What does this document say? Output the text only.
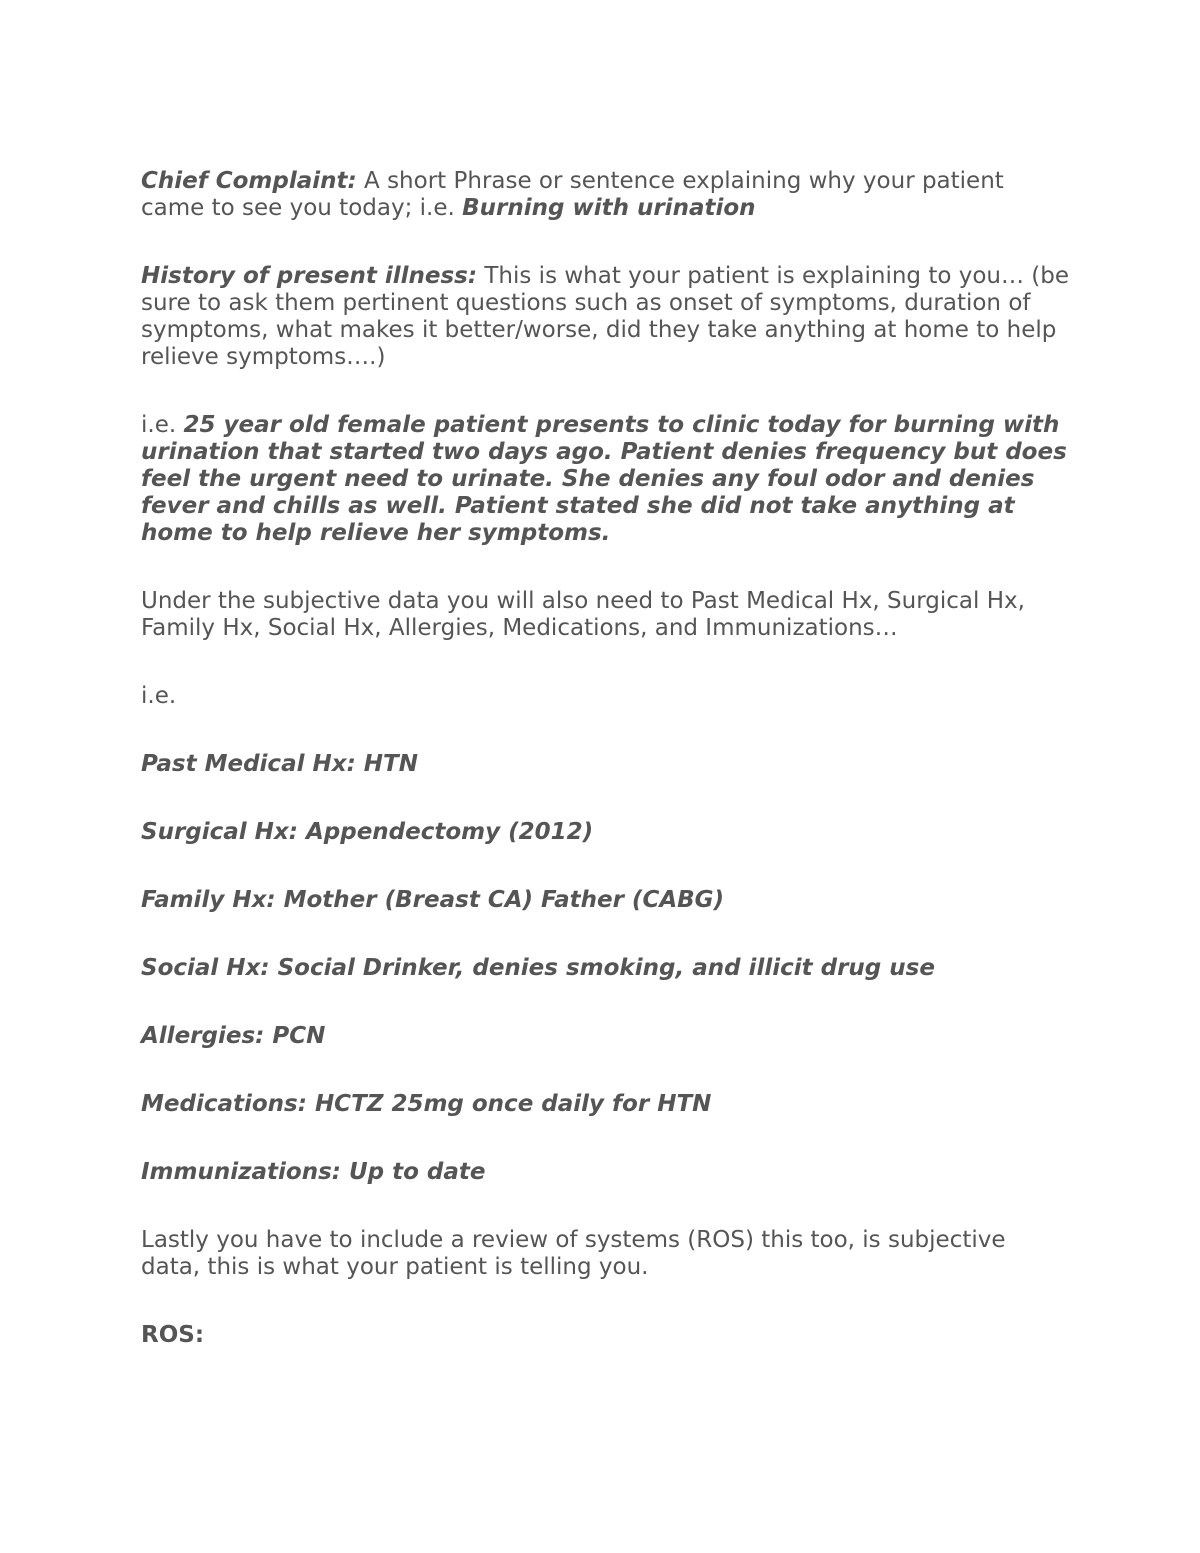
Chief Complaint: A short Phrase or sentence explaining why your patient came to see you today; i.e. Burning with urination

History of present illness: This is what your patient is explaining to you… (be sure to ask them pertinent questions such as onset of symptoms, duration of symptoms, what makes it better/worse, did they take anything at home to help relieve symptoms….)

i.e. 25 year old female patient presents to clinic today for burning with urination that started two days ago. Patient denies frequency but does feel the urgent need to urinate. She denies any foul odor and denies fever and chills as well. Patient stated she did not take anything at home to help relieve her symptoms.

Under the subjective data you will also need to Past Medical Hx, Surgical Hx, Family Hx, Social Hx, Allergies, Medications, and Immunizations…

i.e.

Past Medical Hx: HTN

Surgical Hx: Appendectomy (2012)

Family Hx: Mother (Breast CA) Father (CABG)

Social Hx: Social Drinker, denies smoking, and illicit drug use

Allergies: PCN

Medications: HCTZ 25mg once daily for HTN

Immunizations: Up to date

Lastly you have to include a review of systems (ROS) this too, is subjective data, this is what your patient is telling you.

ROS:
